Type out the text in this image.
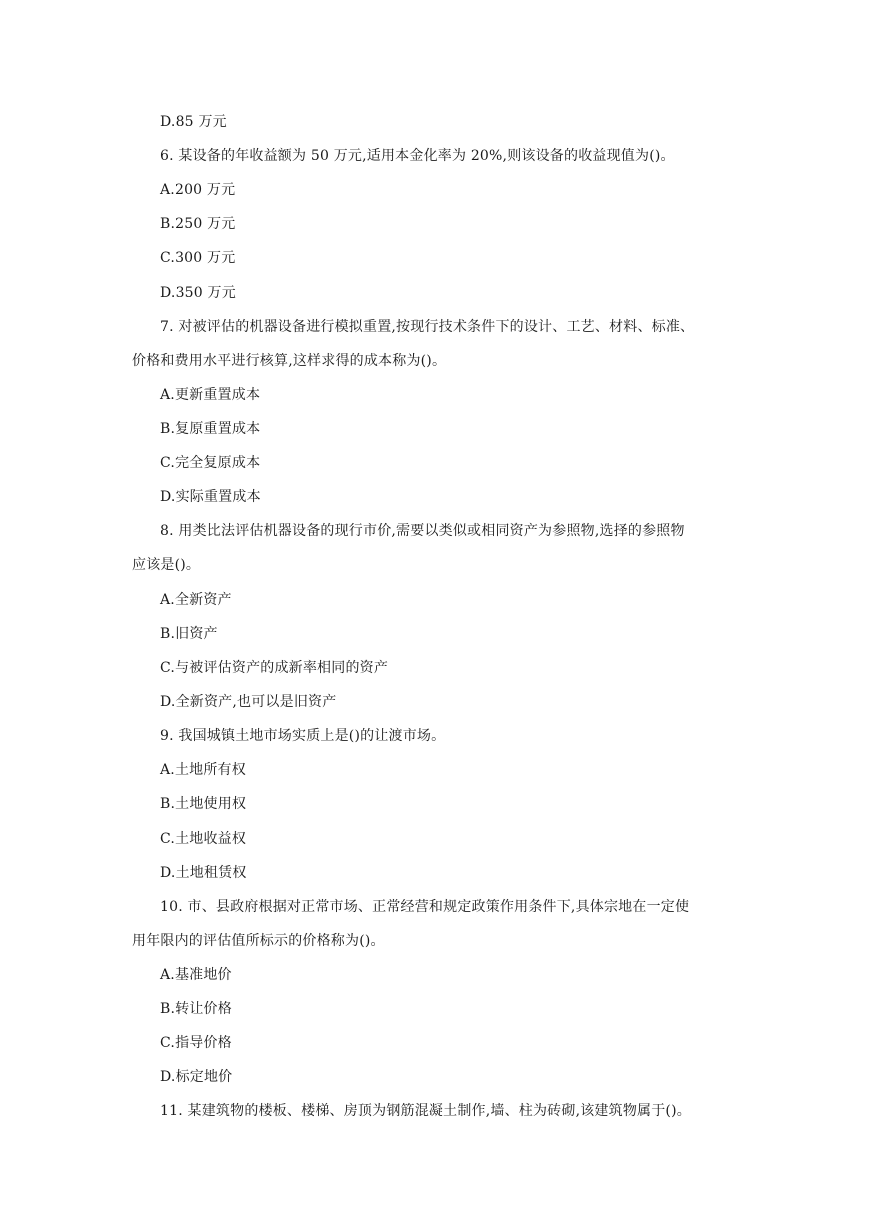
D.85 万元
6. 某设备的年收益额为 50 万元,适用本金化率为 20%,则该设备的收益现值为()。
A.200 万元
B.250 万元
C.300 万元
D.350 万元
7. 对被评估的机器设备进行模拟重置,按现行技术条件下的设计、工艺、材料、标准、
价格和费用水平进行核算,这样求得的成本称为()。
A.更新重置成本
B.复原重置成本
C.完全复原成本
D.实际重置成本
8. 用类比法评估机器设备的现行市价,需要以类似或相同资产为参照物,选择的参照物
应该是()。
A.全新资产
B.旧资产
C.与被评估资产的成新率相同的资产
D.全新资产,也可以是旧资产
9. 我国城镇土地市场实质上是()的让渡市场。
A.土地所有权
B.土地使用权
C.土地收益权
D.土地租赁权
10. 市、县政府根据对正常市场、正常经营和规定政策作用条件下,具体宗地在一定使
用年限内的评估值所标示的价格称为()。
A.基准地价
B.转让价格
C.指导价格
D.标定地价
11. 某建筑物的楼板、楼梯、房顶为钢筋混凝土制作,墙、柱为砖砌,该建筑物属于()。
